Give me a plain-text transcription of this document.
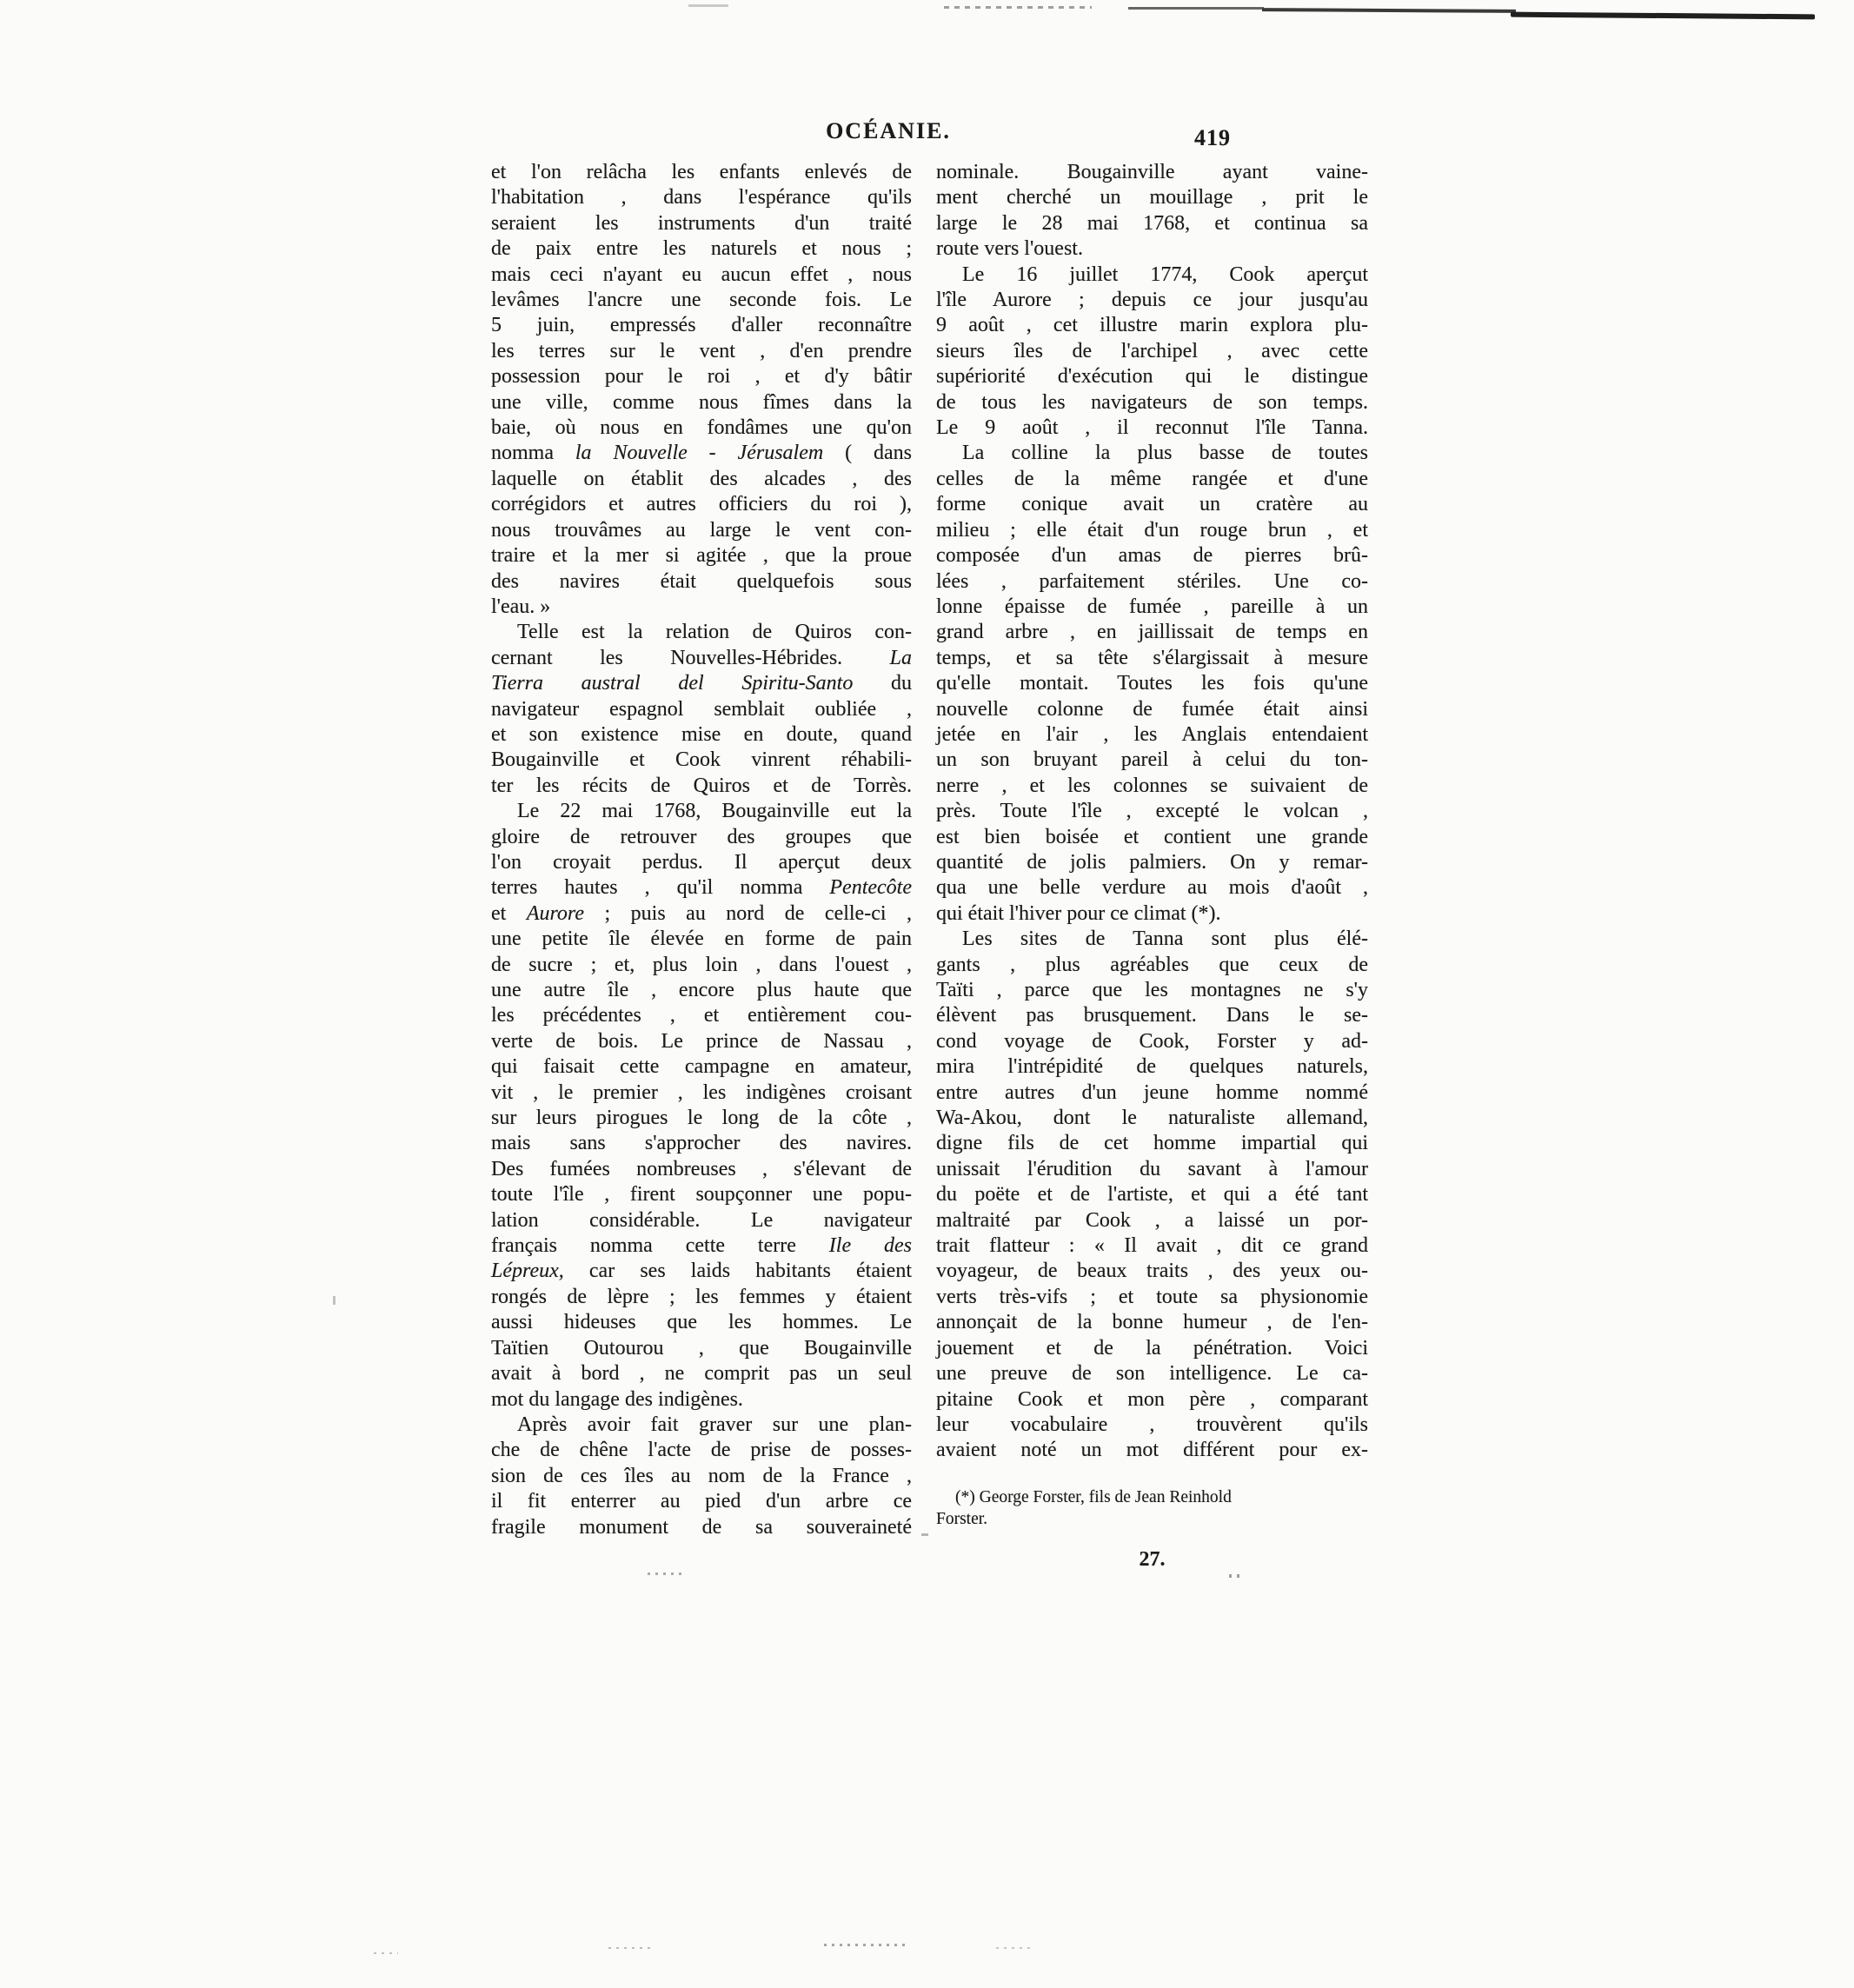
OCÉANIE.	419
et l'on relâcha les enfants enlevés de
l'habitation , dans l'espérance qu'ils
seraient les instruments d'un traité
de paix entre les naturels et nous ;
mais ceci n'ayant eu aucun effet , nous
levâmes l'ancre une seconde fois. Le
5 juin, empressés d'aller reconnaître
les terres sur le vent , d'en prendre
possession pour le roi , et d'y bâtir
une ville, comme nous fîmes dans la
baie, où nous en fondâmes une qu'on
nomma la Nouvelle - Jérusalem ( dans
laquelle on établit des alcades , des
corrégidors et autres officiers du roi ),
nous trouvâmes au large le vent con-
traire et la mer si agitée , que la proue
des navires était quelquefois sous
l'eau. »
Telle est la relation de Quiros con-
cernant les Nouvelles-Hébrides. La
Tierra austral del Spiritu-Santo du
navigateur espagnol semblait oubliée ,
et son existence mise en doute, quand
Bougainville et Cook vinrent réhabili-
ter les récits de Quiros et de Torrès.
Le 22 mai 1768, Bougainville eut la
gloire de retrouver des groupes que
l'on croyait perdus. Il aperçut deux
terres hautes , qu'il nomma Pentecôte
et Aurore ; puis au nord de celle-ci ,
une petite île élevée en forme de pain
de sucre ; et, plus loin , dans l'ouest ,
une autre île , encore plus haute que
les précédentes , et entièrement cou-
verte de bois. Le prince de Nassau ,
qui faisait cette campagne en amateur,
vit , le premier , les indigènes croisant
sur leurs pirogues le long de la côte ,
mais sans s'approcher des navires.
Des fumées nombreuses , s'élevant de
toute l'île , firent soupçonner une popu-
lation considérable. Le navigateur
français nomma cette terre Ile des
Lépreux, car ses laids habitants étaient
rongés de lèpre ; les femmes y étaient
aussi hideuses que les hommes. Le
Taïtien Outourou , que Bougainville
avait à bord , ne comprit pas un seul
mot du langage des indigènes.
Après avoir fait graver sur une plan-
che de chêne l'acte de prise de posses-
sion de ces îles au nom de la France ,
il fit enterrer au pied d'un arbre ce
fragile monument de sa souveraineté
nominale. Bougainville ayant vaine-
ment cherché un mouillage , prit le
large le 28 mai 1768, et continua sa
route vers l'ouest.
Le 16 juillet 1774, Cook aperçut
l'île Aurore ; depuis ce jour jusqu'au
9 août , cet illustre marin explora plu-
sieurs îles de l'archipel , avec cette
supériorité d'exécution qui le distingue
de tous les navigateurs de son temps.
Le 9 août , il reconnut l'île Tanna.
La colline la plus basse de toutes
celles de la même rangée et d'une
forme conique avait un cratère au
milieu ; elle était d'un rouge brun , et
composée d'un amas de pierres brû-
lées , parfaitement stériles. Une co-
lonne épaisse de fumée , pareille à un
grand arbre , en jaillissait de temps en
temps, et sa tête s'élargissait à mesure
qu'elle montait. Toutes les fois qu'une
nouvelle colonne de fumée était ainsi
jetée en l'air , les Anglais entendaient
un son bruyant pareil à celui du ton-
nerre , et les colonnes se suivaient de
près. Toute l'île , excepté le volcan ,
est bien boisée et contient une grande
quantité de jolis palmiers. On y remar-
qua une belle verdure au mois d'août ,
qui était l'hiver pour ce climat (*).
Les sites de Tanna sont plus élé-
gants , plus agréables que ceux de
Taïti , parce que les montagnes ne s'y
élèvent pas brusquement. Dans le se-
cond voyage de Cook, Forster y ad-
mira l'intrépidité de quelques naturels,
entre autres d'un jeune homme nommé
Wa-Akou, dont le naturaliste allemand,
digne fils de cet homme impartial qui
unissait l'érudition du savant à l'amour
du poëte et de l'artiste, et qui a été tant
maltraité par Cook , a laissé un por-
trait flatteur : « Il avait , dit ce grand
voyageur, de beaux traits , des yeux ou-
verts très-vifs ; et toute sa physionomie
annonçait de la bonne humeur , de l'en-
jouement et de la pénétration. Voici
une preuve de son intelligence. Le ca-
pitaine Cook et mon père , comparant
leur vocabulaire , trouvèrent qu'ils
avaient noté un mot différent pour ex-
(*) George Forster, fils de Jean Reinhold
Forster.
27.
